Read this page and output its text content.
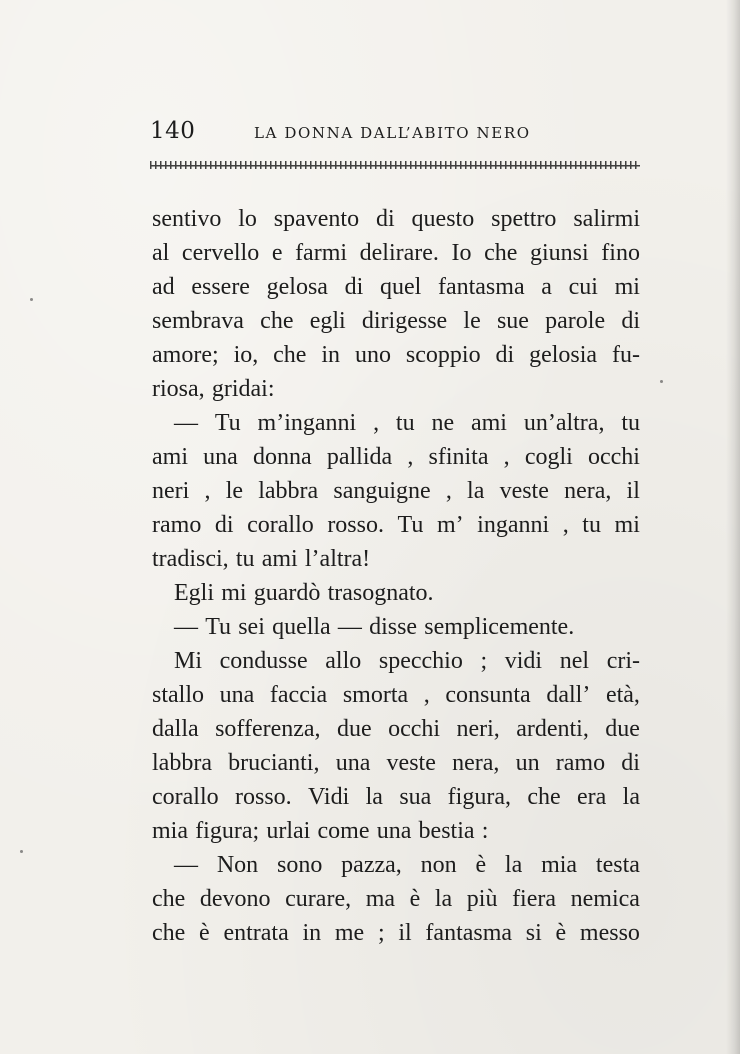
140	LA DONNA DALL’ABITO NERO
sentivo lo spavento di questo spettro salirmi
al cervello e farmi delirare. Io che giunsi fino
ad essere gelosa di quel fantasma a cui mi
sembrava che egli dirigesse le sue parole di
amore; io, che in uno scoppio di gelosia fu-
riosa, gridai:
— Tu m’inganni , tu ne ami un’altra, tu
ami una donna pallida , sfinita , cogli occhi
neri , le labbra sanguigne , la veste nera, il
ramo di corallo rosso. Tu m’ inganni , tu mi
tradisci, tu ami l’altra!
Egli mi guardò trasognato.
— Tu sei quella — disse semplicemente.
Mi condusse allo specchio ; vidi nel cri-
stallo una faccia smorta , consunta dall’ età,
dalla sofferenza, due occhi neri, ardenti, due
labbra brucianti, una veste nera, un ramo di
corallo rosso. Vidi la sua figura, che era la
mia figura; urlai come una bestia :
— Non sono pazza, non è la mia testa
che devono curare, ma è la più fiera nemica
che è entrata in me ; il fantasma si è messo
